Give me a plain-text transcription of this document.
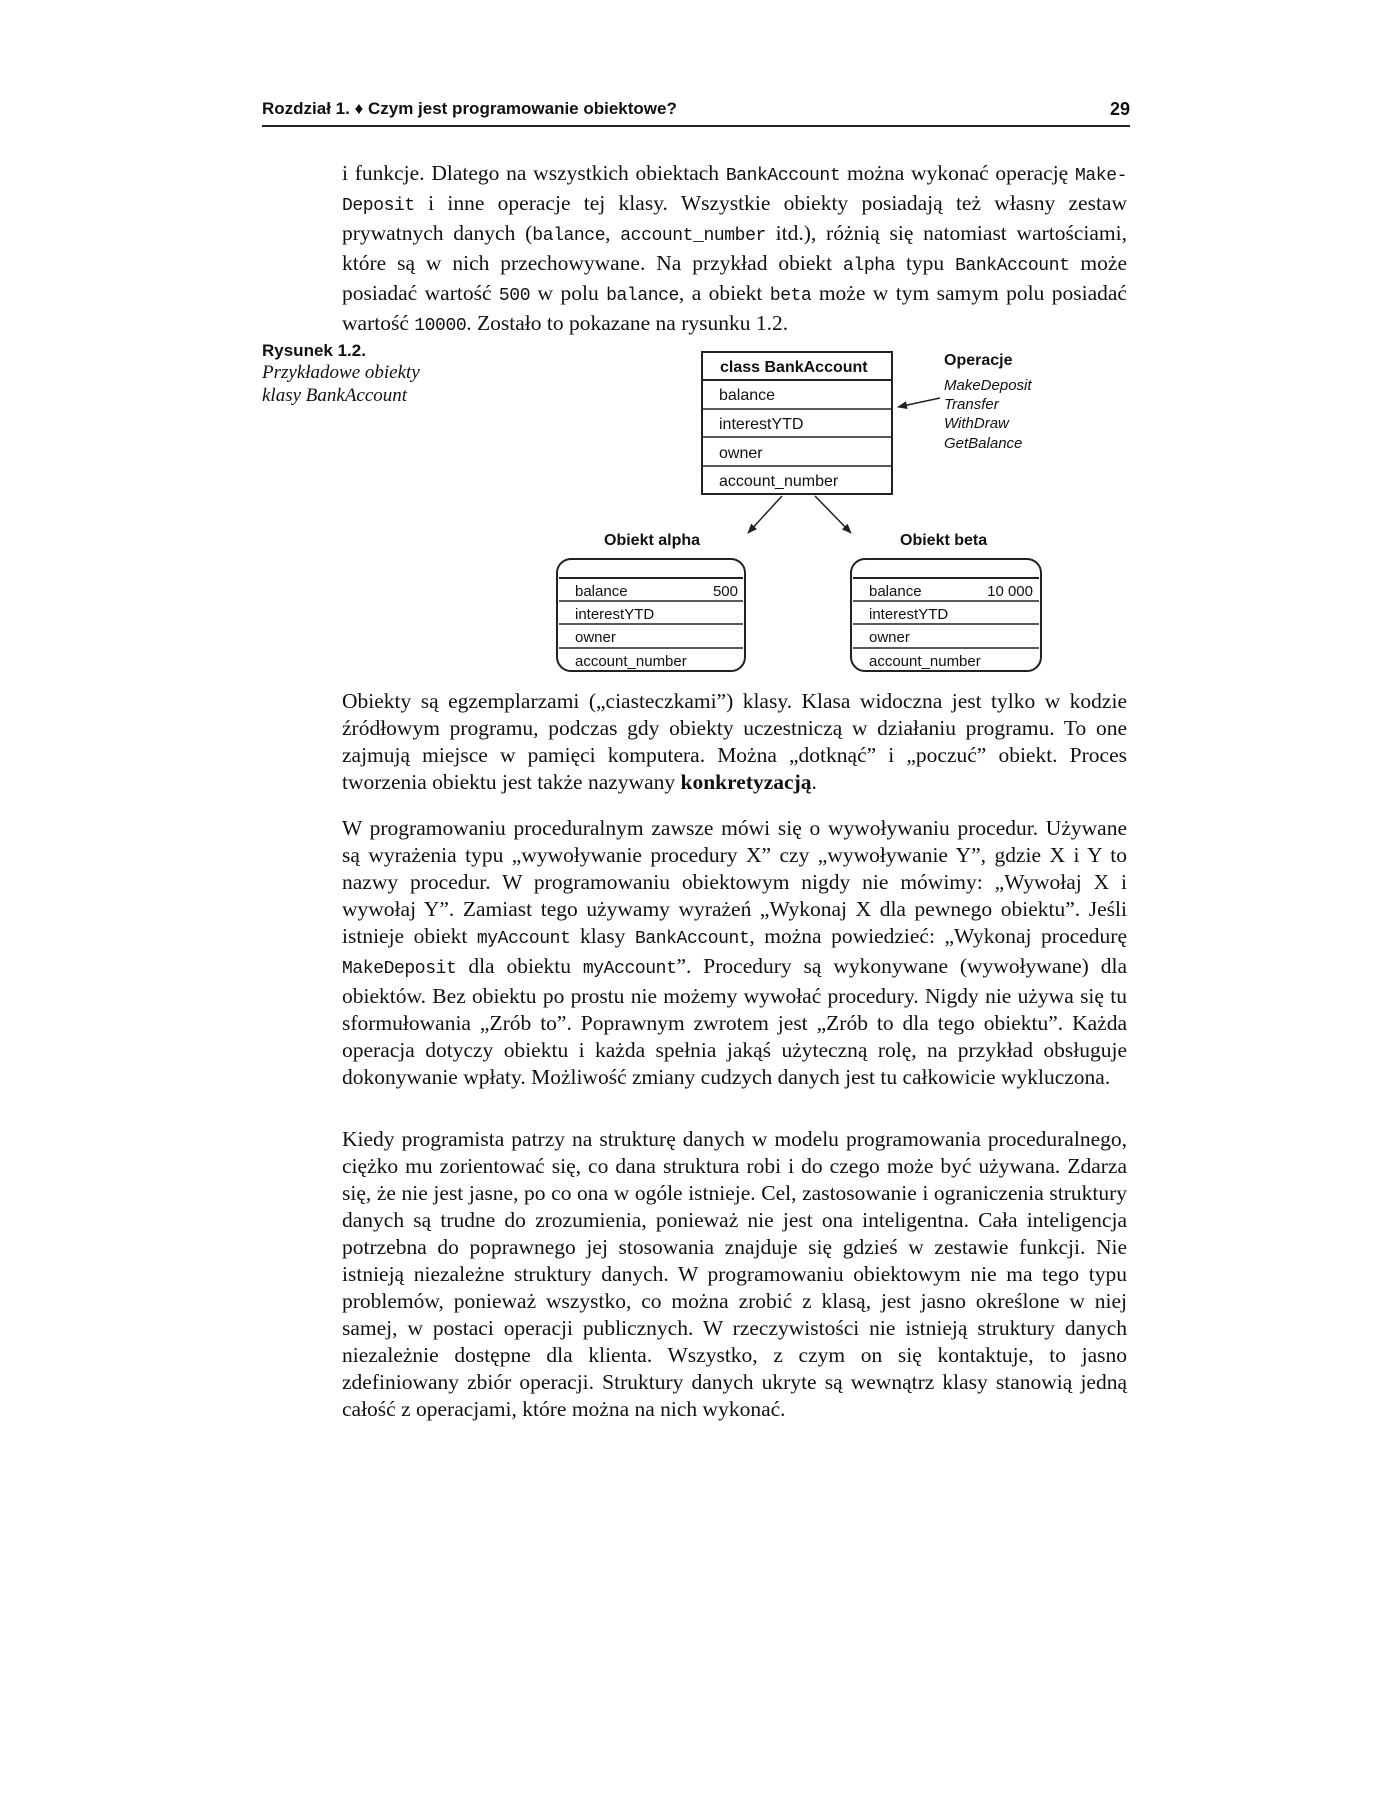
Rozdział 1. ♦ Czym jest programowanie obiektowe?	29

i funkcje. Dlatego na wszystkich obiektach BankAccount można wykonać operację Make-Deposit i inne operacje tej klasy. Wszystkie obiekty posiadają też własny zestaw prywatnych danych (balance, account_number itd.), różnią się natomiast wartościami, które są w nich przechowywane. Na przykład obiekt alpha typu BankAccount może posiadać wartość 500 w polu balance, a obiekt beta może w tym samym polu posiadać wartość 10000. Zostało to pokazane na rysunku 1.2.

Rysunek 1.2.
Przykładowe obiekty klasy BankAccount
class BankAccount
balance
interestYTD
owner
account_number
Operacje
MakeDeposit
Transfer
WithDraw
GetBalance
Obiekt alpha
balance	500
interestYTD
owner
account_number
Obiekt beta
balance	10 000
interestYTD
owner
account_number

Obiekty są egzemplarzami („ciasteczkami”) klasy. Klasa widoczna jest tylko w kodzie źródłowym programu, podczas gdy obiekty uczestniczą w działaniu programu. To one zajmują miejsce w pamięci komputera. Można „dotknąć” i „poczuć” obiekt. Proces tworzenia obiektu jest także nazywany konkretyzacją.

W programowaniu proceduralnym zawsze mówi się o wywoływaniu procedur. Używane są wyrażenia typu „wywoływanie procedury X” czy „wywoływanie Y”, gdzie X i Y to nazwy procedur. W programowaniu obiektowym nigdy nie mówimy: „Wywołaj X i wywołaj Y”. Zamiast tego używamy wyrażeń „Wykonaj X dla pewnego obiektu”. Jeśli istnieje obiekt myAccount klasy BankAccount, można powiedzieć: „Wykonaj procedurę MakeDeposit dla obiektu myAccount”. Procedury są wykonywane (wywoływane) dla obiektów. Bez obiektu po prostu nie możemy wywołać procedury. Nigdy nie używa się tu sformułowania „Zrób to”. Poprawnym zwrotem jest „Zrób to dla tego obiektu”. Każda operacja dotyczy obiektu i każda spełnia jakąś użyteczną rolę, na przykład obsługuje dokonywanie wpłaty. Możliwość zmiany cudzych danych jest tu całkowicie wykluczona.

Kiedy programista patrzy na strukturę danych w modelu programowania proceduralnego, ciężko mu zorientować się, co dana struktura robi i do czego może być używana. Zdarza się, że nie jest jasne, po co ona w ogóle istnieje. Cel, zastosowanie i ograniczenia struktury danych są trudne do zrozumienia, ponieważ nie jest ona inteligentna. Cała inteligencja potrzebna do poprawnego jej stosowania znajduje się gdzieś w zestawie funkcji. Nie istnieją niezależne struktury danych. W programowaniu obiektowym nie ma tego typu problemów, ponieważ wszystko, co można zrobić z klasą, jest jasno określone w niej samej, w postaci operacji publicznych. W rzeczywistości nie istnieją struktury danych niezależnie dostępne dla klienta. Wszystko, z czym on się kontaktuje, to jasno zdefiniowany zbiór operacji. Struktury danych ukryte są wewnątrz klasy stanowią jedną całość z operacjami, które można na nich wykonać.
